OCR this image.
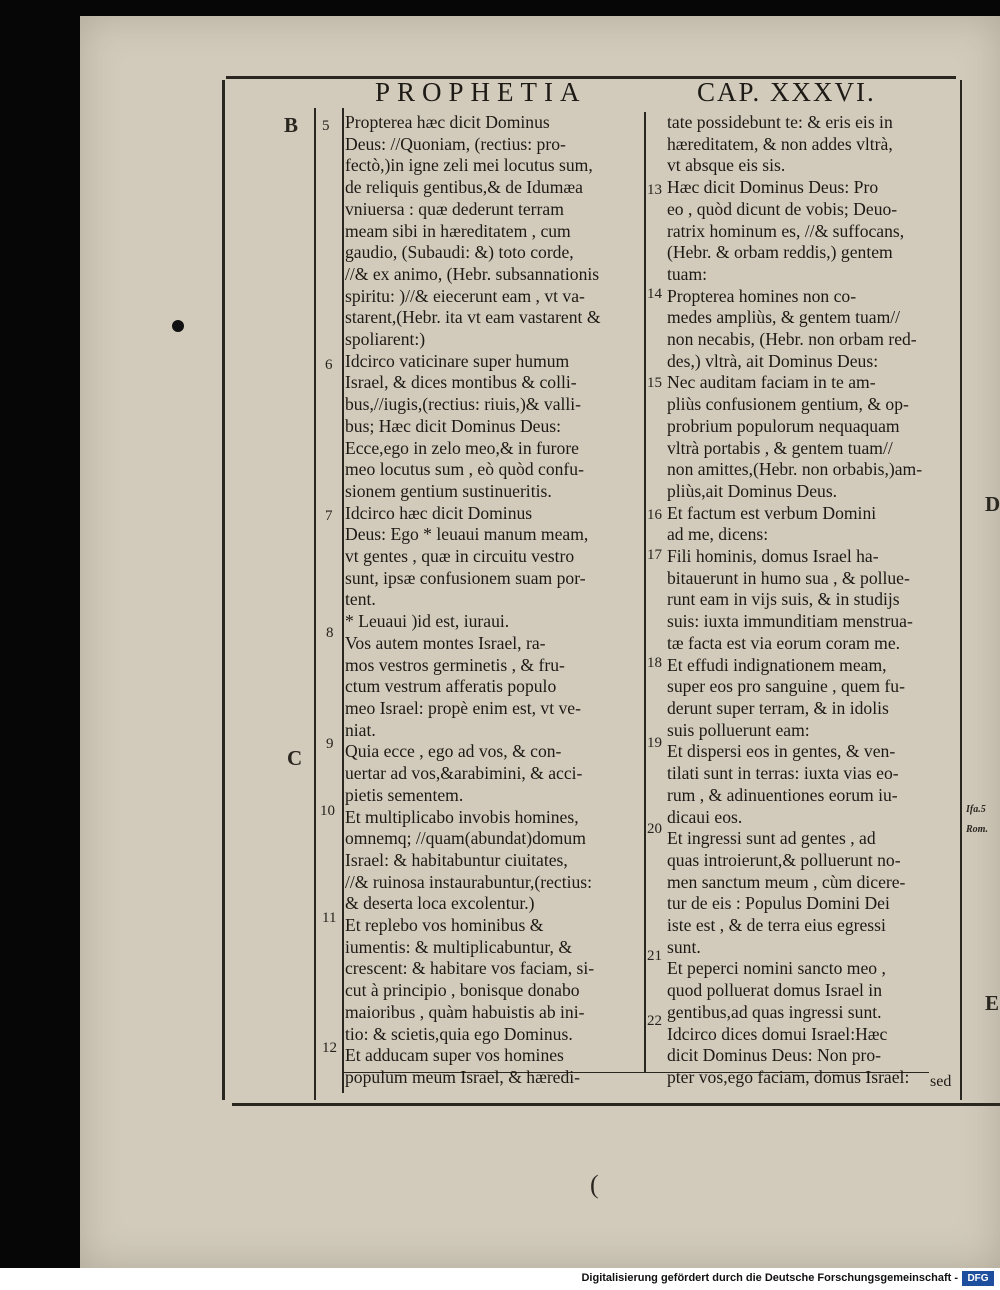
PROPHETIA	CAP. XXXVI.
B
C
D
E
5
6
7
8
9
10
11
12
13
14
15
16
17
18
19
20
21
22
Propterea hæc dicit Dominus
Deus: //Quoniam, (rectius: pro-
fectò,)in igne zeli mei locutus sum,
de reliquis gentibus,& de Idumæa
vniuersa : quæ dederunt terram
meam sibi in hæreditatem , cum
gaudio, (Subaudi: &) toto corde,
//& ex animo, (Hebr. subsannationis
spiritu: )//& eiecerunt eam , vt va-
starent,(Hebr. ita vt eam vastarent &
spoliarent:)
Idcirco vaticinare super humum
Israel, & dices montibus & colli-
bus,//iugis,(rectius: riuis,)& valli-
bus; Hæc dicit Dominus Deus:
Ecce,ego in zelo meo,& in furore
meo locutus sum , eò quòd confu-
sionem gentium sustinueritis.
Idcirco hæc dicit Dominus
Deus: Ego * leuaui manum meam,
vt gentes , quæ in circuitu vestro
sunt, ipsæ confusionem suam por-
tent.
* Leuaui )id est, iuraui.
Vos autem montes Israel, ra-
mos vestros germinetis , & fru-
ctum vestrum afferatis populo
meo Israel: propè enim est, vt ve-
niat.
Quia ecce , ego ad vos, & con-
uertar ad vos,&arabimini, & acci-
pietis sementem.
Et multiplicabo invobis homines,
omnemq; //quam(abundat)domum
Israel: & habitabuntur ciuitates,
//& ruinosa instaurabuntur,(rectius:
& deserta loca excolentur.)
Et replebo vos hominibus &
iumentis: & multiplicabuntur, &
crescent: & habitare vos faciam, si-
cut à principio , bonisque donabo
maioribus , quàm habuistis ab ini-
tio: & scietis,quia ego Dominus.
Et adducam super vos homines
populum meum Israel, & hæredi-
tate possidebunt te: & eris eis in
hæreditatem, & non addes vltrà,
vt absque eis sis.
Hæc dicit Dominus Deus: Pro
eo , quòd dicunt de vobis; Deuo-
ratrix hominum es, //& suffocans,
(Hebr. & orbam reddis,) gentem
tuam:
Propterea homines non co-
medes ampliùs, & gentem tuam//
non necabis, (Hebr. non orbam red-
des,) vltrà, ait Dominus Deus:
Nec auditam faciam in te am-
pliùs confusionem gentium, & op-
probrium populorum nequaquam
vltrà portabis , & gentem tuam//
non amittes,(Hebr. non orbabis,)am-
pliùs,ait Dominus Deus.
Et factum est verbum Domini
ad me, dicens:
Fili hominis, domus Israel ha-
bitauerunt in humo sua , & pollue-
runt eam in vijs suis, & in studijs
suis: iuxta immunditiam menstrua-
tæ facta est via eorum coram me.
Et effudi indignationem meam,
super eos pro sanguine , quem fu-
derunt super terram, & in idolis
suis polluerunt eam:
Et dispersi eos in gentes, & ven-
tilati sunt in terras: iuxta vias eo-
rum , & adinuentiones eorum iu-
dicaui eos.
Et ingressi sunt ad gentes , ad
quas introierunt,& polluerunt no-
men sanctum meum , cùm dicere-
tur de eis : Populus Domini Dei
iste est , & de terra eius egressi
sunt.
Et peperci nomini sancto meo ,
quod polluerat domus Israel in
gentibus,ad quas ingressi sunt.
Idcirco dices domui Israel:Hæc
dicit Dominus Deus: Non pro-
pter vos,ego faciam, domus Israel:	sed
Ifa.5
Rom.
(
Digitalisierung gefördert durch die Deutsche Forschungsgemeinschaft - DFG
